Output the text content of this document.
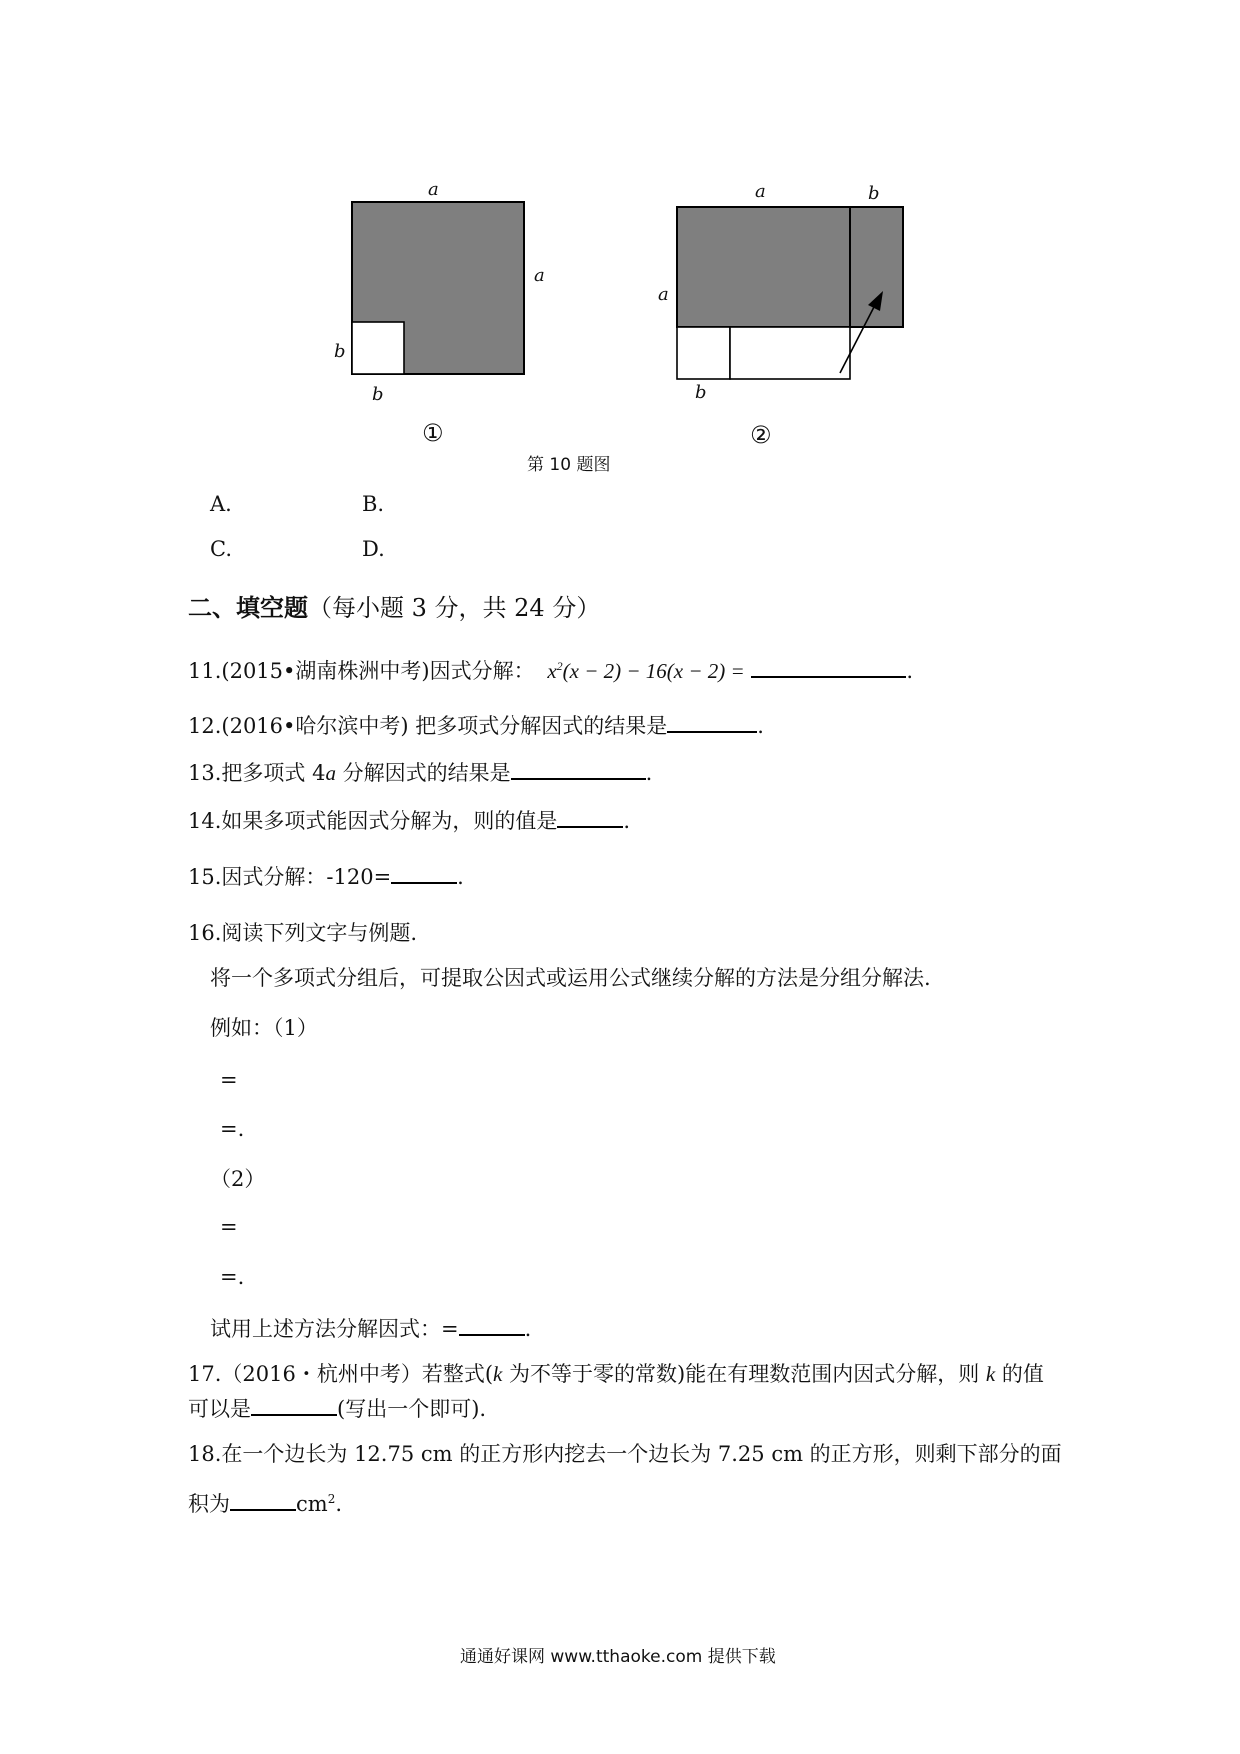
a
a
b
b
①
a	b
a
b
②
第 10 题图
A.	B.
C.	D.
二、填空题（每小题 3 分，共 24 分）
11.(2015•湖南株洲中考)因式分解： $x^2(x - 2) - 16(x - 2)$ =	.
12.(2016•哈尔滨中考) 把多项式分解因式的结果是	.
13.把多项式 4a 分解因式的结果是	.
14.如果多项式能因式分解为，则的值是	.
15.因式分解：-120=	.
16.阅读下列文字与例题.
将一个多项式分组后，可提取公因式或运用公式继续分解的方法是分组分解法.
例如：（1）
=
=.
（2）
=
=.
试用上述方法分解因式：=	.
17.（2016・杭州中考）若整式(k 为不等于零的常数)能在有理数范围内因式分解，则 k 的值
可以是	(写出一个即可).
18.在一个边长为 12.75 cm 的正方形内挖去一个边长为 7.25 cm 的正方形，则剩下部分的面
积为	$cm^2$.
通通好课网 www.tthaoke.com 提供下载
